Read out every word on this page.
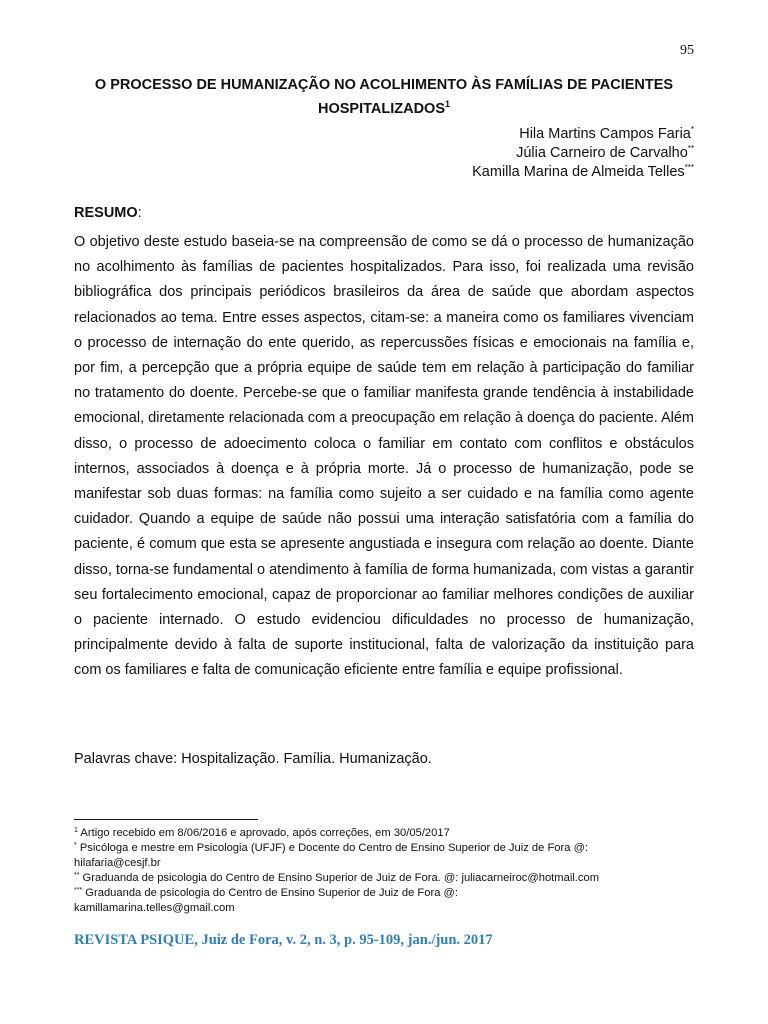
95
O PROCESSO DE HUMANIZAÇÃO NO ACOLHIMENTO ÀS FAMÍLIAS DE PACIENTES
HOSPITALIZADOS$^1$
Hila Martins Campos Faria*
Júlia Carneiro de Carvalho**
Kamilla Marina de Almeida Telles***
RESUMO:

O objetivo deste estudo baseia-se na compreensão de como se dá o processo de humanização no acolhimento às famílias de pacientes hospitalizados. Para isso, foi realizada uma revisão bibliográfica dos principais periódicos brasileiros da área de saúde que abordam aspectos relacionados ao tema. Entre esses aspectos, citam-se: a maneira como os familiares vivenciam o processo de internação do ente querido, as repercussões físicas e emocionais na família e, por fim, a percepção que a própria equipe de saúde tem em relação à participação do familiar no tratamento do doente. Percebe-se que o familiar manifesta grande tendência à instabilidade emocional, diretamente relacionada com a preocupação em relação à doença do paciente. Além disso, o processo de adoecimento coloca o familiar em contato com conflitos e obstáculos internos, associados à doença e à própria morte. Já o processo de humanização, pode se manifestar sob duas formas: na família como sujeito a ser cuidado e na família como agente cuidador. Quando a equipe de saúde não possui uma interação satisfatória com a família do paciente, é comum que esta se apresente angustiada e insegura com relação ao doente. Diante disso, torna-se fundamental o atendimento à família de forma humanizada, com vistas a garantir seu fortalecimento emocional, capaz de proporcionar ao familiar melhores condições de auxiliar o paciente internado. O estudo evidenciou dificuldades no processo de humanização, principalmente devido à falta de suporte institucional, falta de valorização da instituição para com os familiares e falta de comunicação eficiente entre família e equipe profissional.

Palavras chave: Hospitalização. Família. Humanização.
$^1$ Artigo recebido em 8/06/2016 e aprovado, após correções, em 30/05/2017
* Psicóloga e mestre em Psicologia (UFJF) e Docente do Centro de Ensino Superior de Juiz de Fora @:
hilafaria@cesjf.br
** Graduanda de psicologia do Centro de Ensino Superior de Juiz de Fora. @: juliacarneiroc@hotmail.com
*** Graduanda de psicologia do Centro de Ensino Superior de Juiz de Fora @:
kamillamarina.telles@gmail.com
REVISTA PSIQUE, Juiz de Fora, v. 2, n. 3, p. 95-109, jan./jun. 2017
